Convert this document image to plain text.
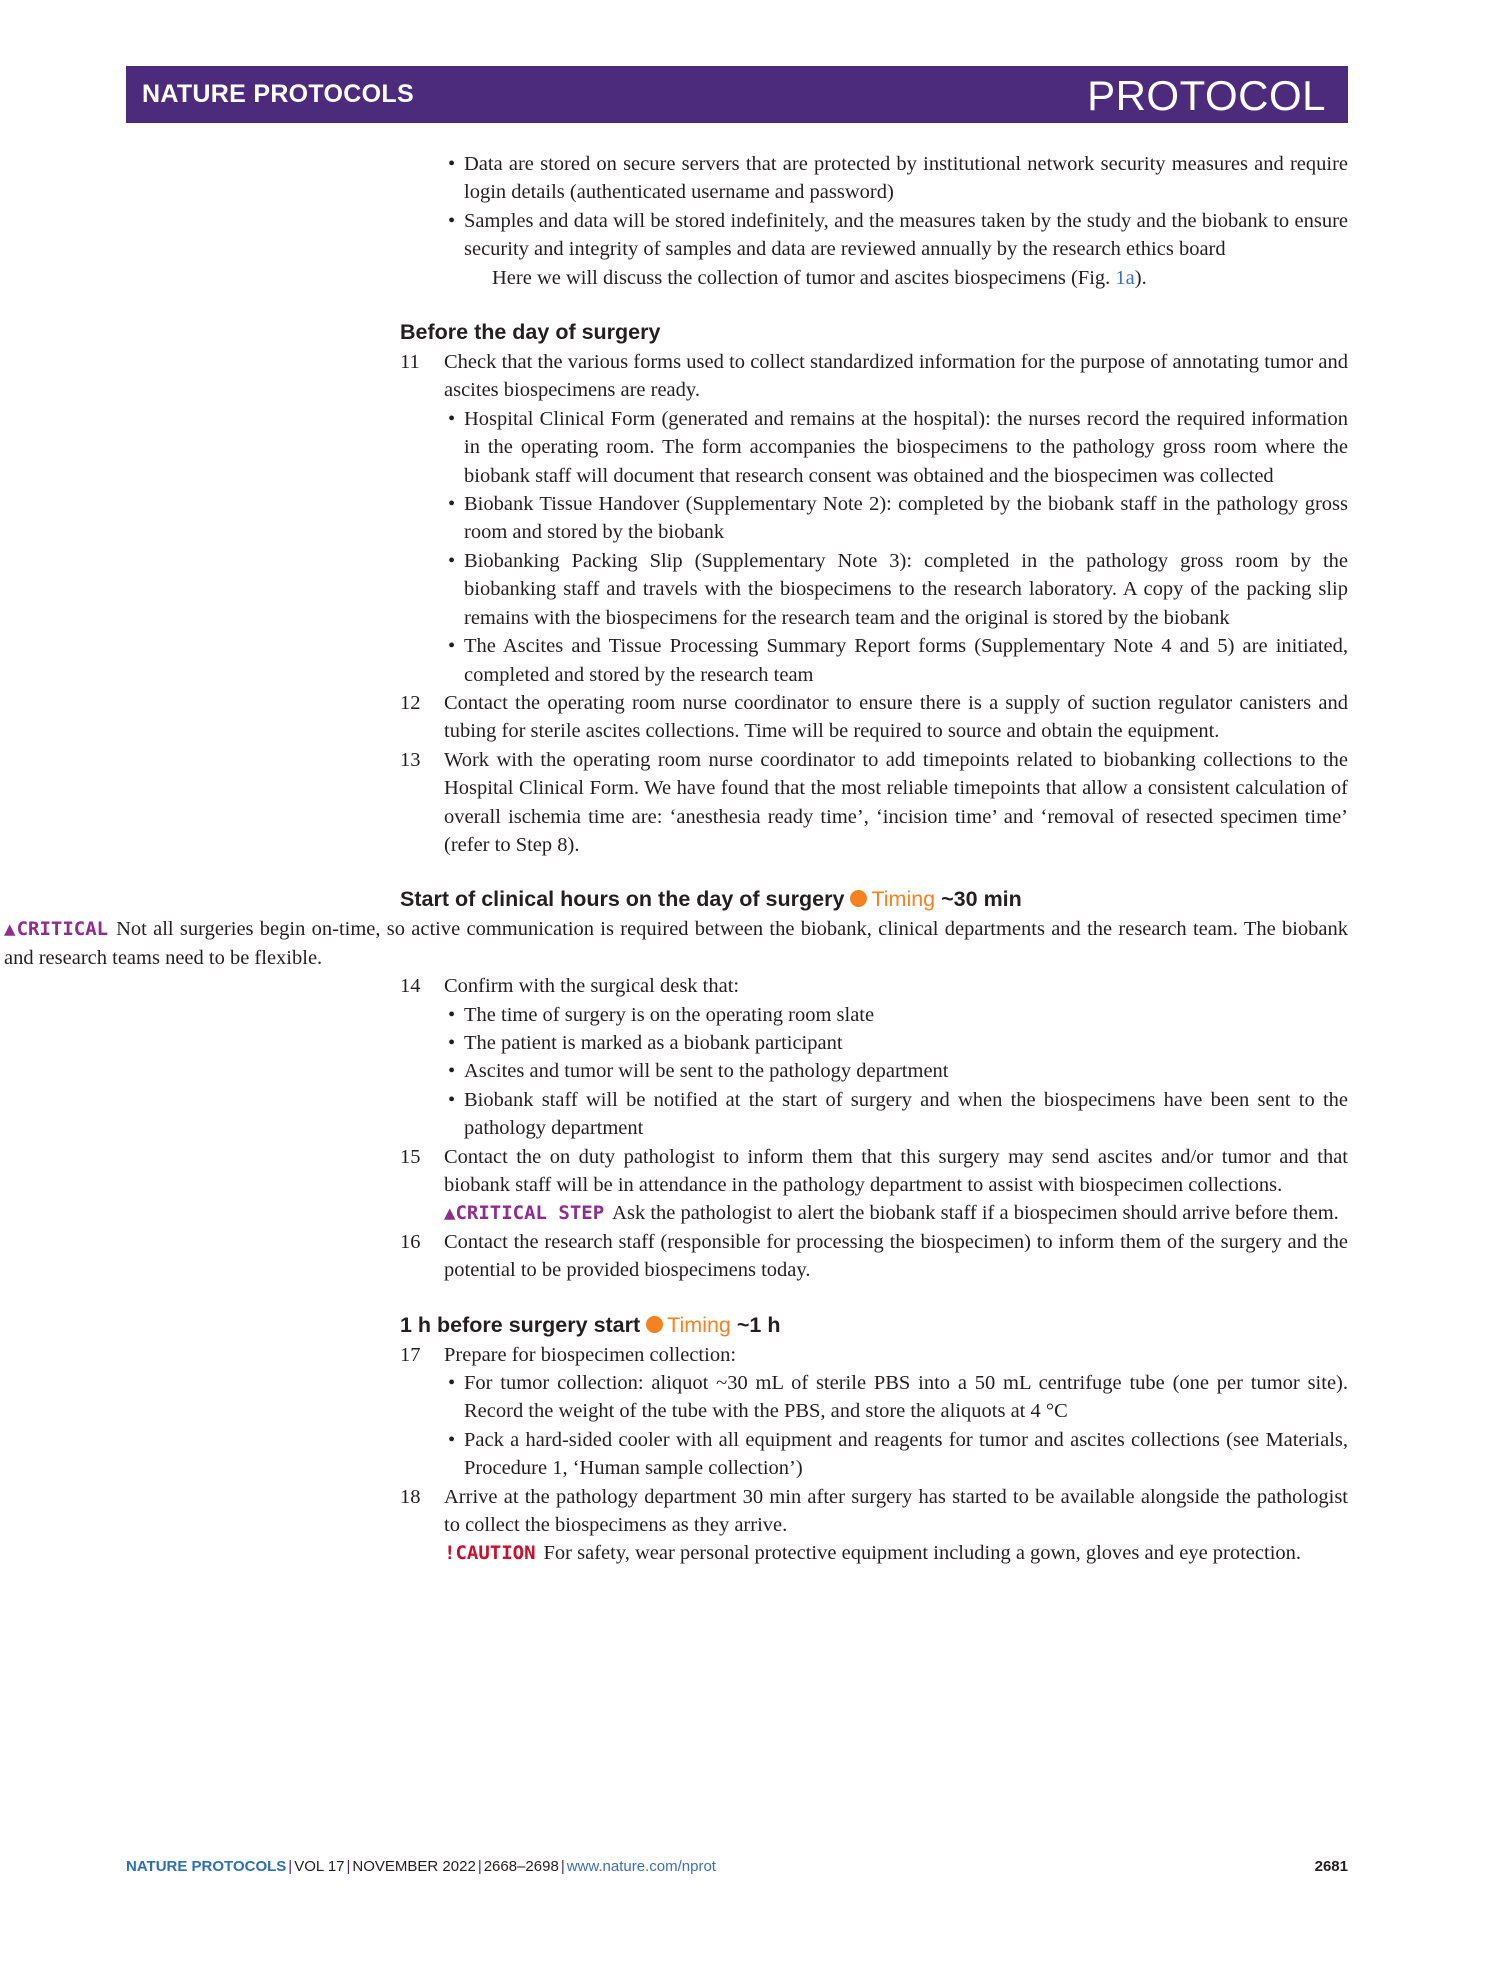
NATURE PROTOCOLS	PROTOCOL
• Data are stored on secure servers that are protected by institutional network security measures and require login details (authenticated username and password)
• Samples and data will be stored indefinitely, and the measures taken by the study and the biobank to ensure security and integrity of samples and data are reviewed annually by the research ethics board
Here we will discuss the collection of tumor and ascites biospecimens (Fig. 1a).
Before the day of surgery
11 Check that the various forms used to collect standardized information for the purpose of annotating tumor and ascites biospecimens are ready.
• Hospital Clinical Form (generated and remains at the hospital): the nurses record the required information in the operating room. The form accompanies the biospecimens to the pathology gross room where the biobank staff will document that research consent was obtained and the biospecimen was collected
• Biobank Tissue Handover (Supplementary Note 2): completed by the biobank staff in the pathology gross room and stored by the biobank
• Biobanking Packing Slip (Supplementary Note 3): completed in the pathology gross room by the biobanking staff and travels with the biospecimens to the research laboratory. A copy of the packing slip remains with the biospecimens for the research team and the original is stored by the biobank
• The Ascites and Tissue Processing Summary Report forms (Supplementary Note 4 and 5) are initiated, completed and stored by the research team
12 Contact the operating room nurse coordinator to ensure there is a supply of suction regulator canisters and tubing for sterile ascites collections. Time will be required to source and obtain the equipment.
13 Work with the operating room nurse coordinator to add timepoints related to biobanking collections to the Hospital Clinical Form. We have found that the most reliable timepoints that allow a consistent calculation of overall ischemia time are: ‘anesthesia ready time’, ‘incision time’ and ‘removal of resected specimen time’ (refer to Step 8).
Start of clinical hours on the day of surgery Timing ~30 min
▲CRITICAL Not all surgeries begin on-time, so active communication is required between the biobank, clinical departments and the research team. The biobank and research teams need to be flexible.
14 Confirm with the surgical desk that:
• The time of surgery is on the operating room slate
• The patient is marked as a biobank participant
• Ascites and tumor will be sent to the pathology department
• Biobank staff will be notified at the start of surgery and when the biospecimens have been sent to the pathology department
15 Contact the on duty pathologist to inform them that this surgery may send ascites and/or tumor and that biobank staff will be in attendance in the pathology department to assist with biospecimen collections.
▲CRITICAL STEP Ask the pathologist to alert the biobank staff if a biospecimen should arrive before them.
16 Contact the research staff (responsible for processing the biospecimen) to inform them of the surgery and the potential to be provided biospecimens today.
1 h before surgery start Timing ~1 h
17 Prepare for biospecimen collection:
• For tumor collection: aliquot ~30 mL of sterile PBS into a 50 mL centrifuge tube (one per tumor site). Record the weight of the tube with the PBS, and store the aliquots at 4 °C
• Pack a hard-sided cooler with all equipment and reagents for tumor and ascites collections (see Materials, Procedure 1, ‘Human sample collection’)
18 Arrive at the pathology department 30 min after surgery has started to be available alongside the pathologist to collect the biospecimens as they arrive.
!CAUTION For safety, wear personal protective equipment including a gown, gloves and eye protection.
NATURE PROTOCOLS | VOL 17 | NOVEMBER 2022 | 2668–2698 | www.nature.com/nprot	2681
